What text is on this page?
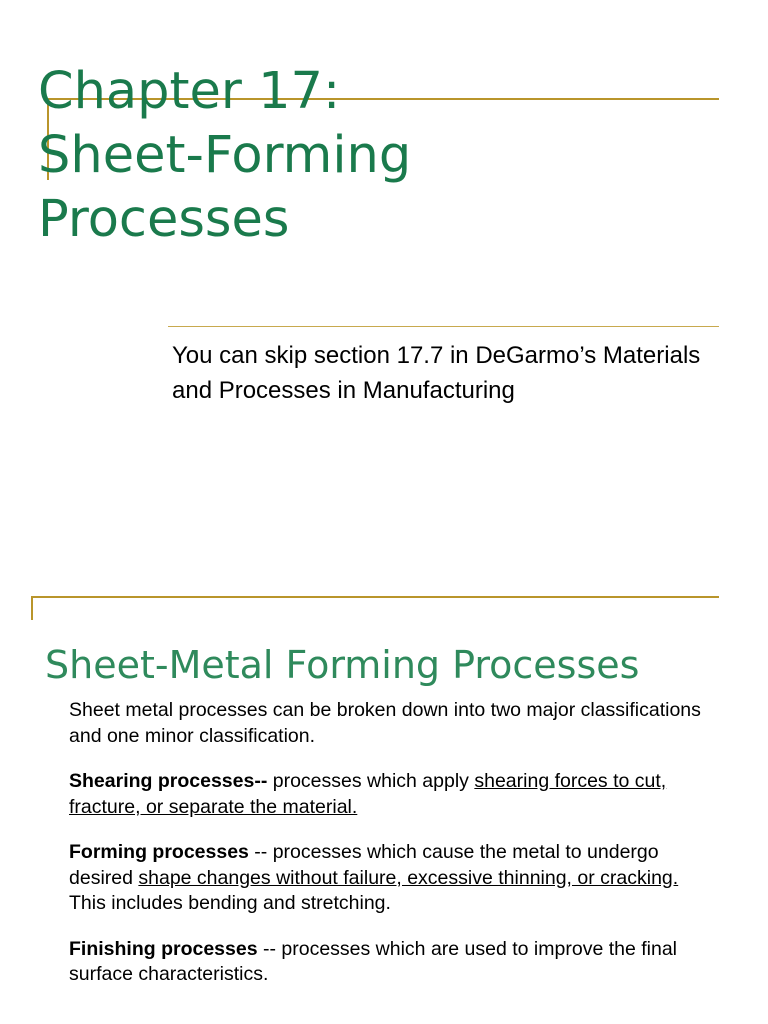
Chapter 17:
Sheet-Forming
Processes
You can skip section 17.7 in DeGarmo’s Materials and Processes in Manufacturing
Sheet-Metal Forming Processes

Sheet metal processes can be broken down into two major classifications and one minor classification.

Shearing processes-- processes which apply shearing forces to cut, fracture, or separate the material.

Forming processes -- processes which cause the metal to undergo desired shape changes without failure, excessive thinning, or cracking. This includes bending and stretching.

Finishing processes -- processes which are used to improve the final surface characteristics.
